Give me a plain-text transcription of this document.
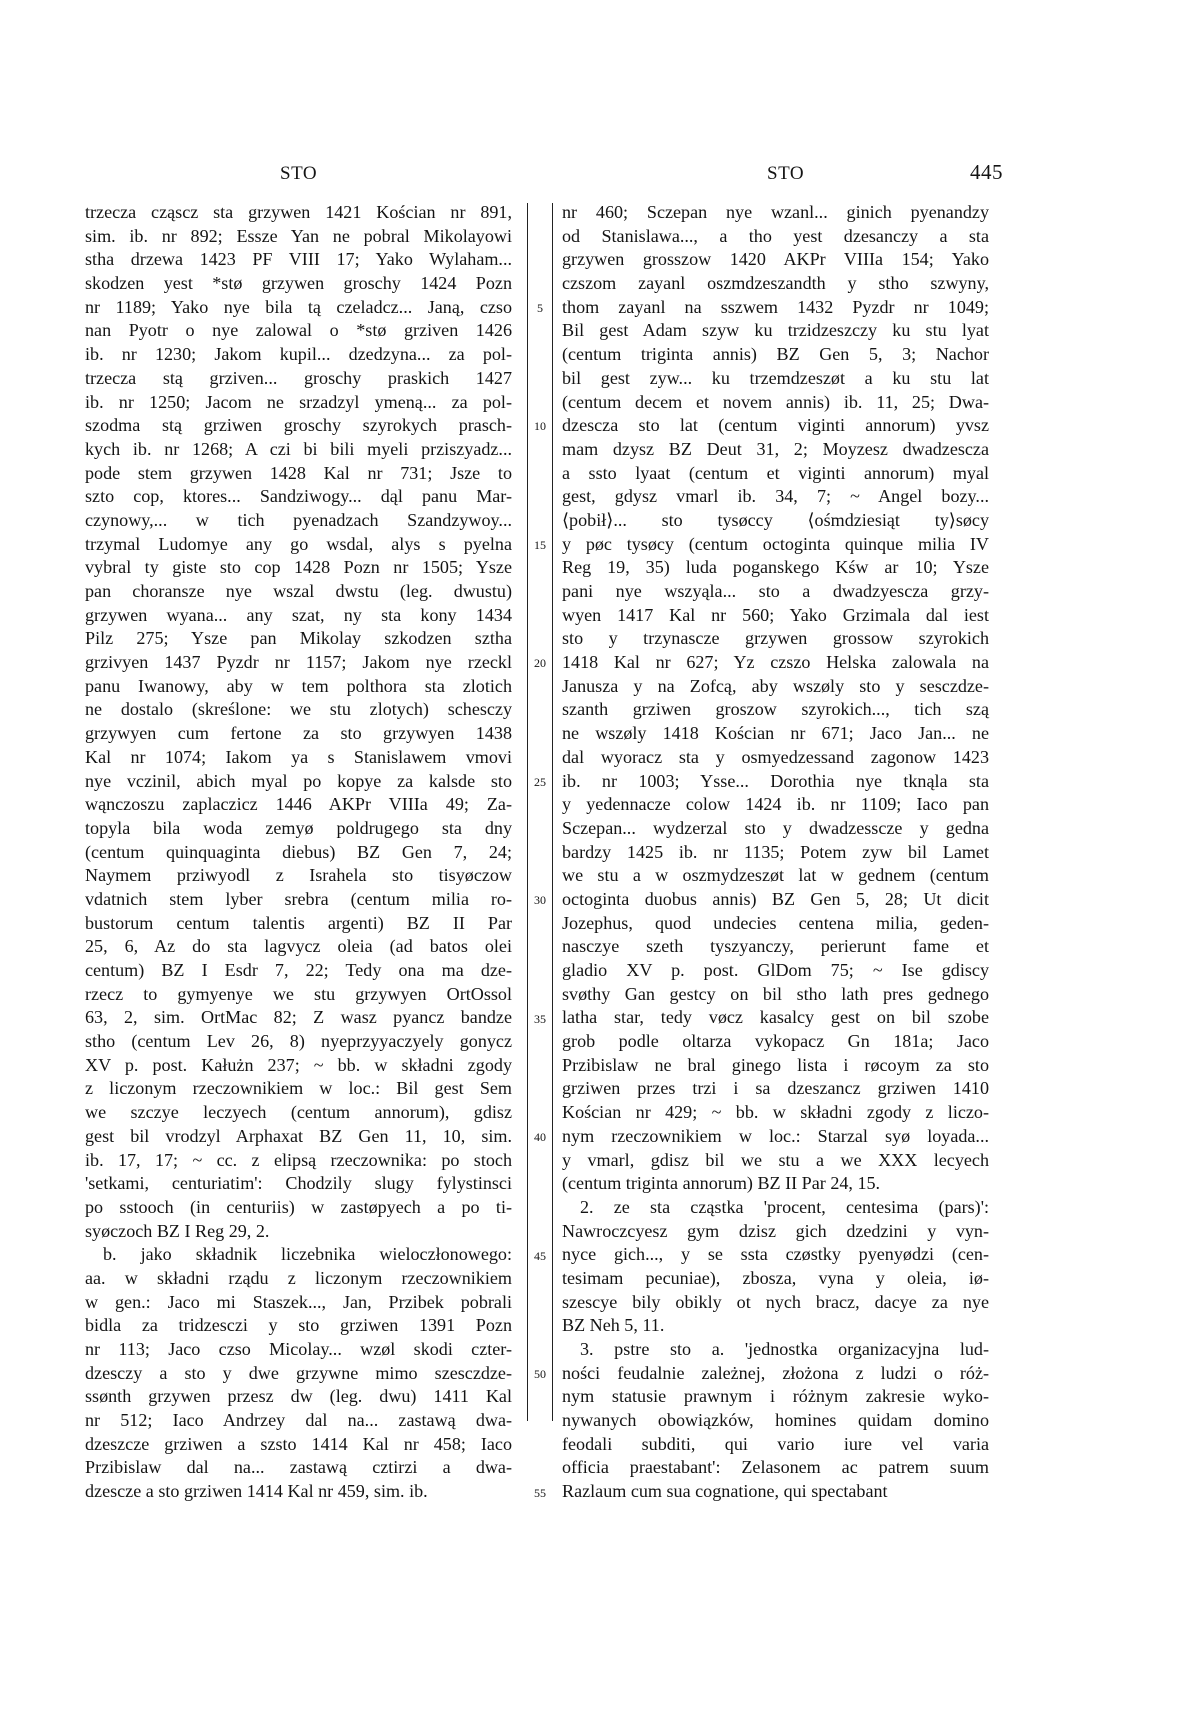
STO	STO	445
trzecza cząscz sta grzywen 1421 Kościan nr 891,
sim. ib. nr 892; Essze Yan ne pobral Mikolayowi
stha drzewa 1423 PF VIII 17; Yako Wylaham...
skodzen yest *stø grzywen groschy 1424 Pozn
nr 1189; Yako nye bila tą czeladcz... Janą, czso
nan Pyotr o nye zalowal o *stø grziven 1426
ib. nr 1230; Jakom kupil... dzedzyna... za pol-
trzecza stą grziven... groschy praskich 1427
ib. nr 1250; Jacom ne srzadzyl ymeną... za pol-
szodma stą grziwen groschy szyrokych prasch-
kych ib. nr 1268; A czi bi bili myeli prziszyadz...
pode stem grzywen 1428 Kal nr 731; Jsze to
szto cop, ktores... Sandziwogy... dąl panu Mar-
czynowy,... w tich pyenadzach Szandzywoy...
trzymal Ludomye any go wsdal, alys s pyelna
vybral ty giste sto cop 1428 Pozn nr 1505; Ysze
pan choransze nye wszal dwstu (leg. dwustu)
grzywen wyana... any szat, ny sta kony 1434
Pilz 275; Ysze pan Mikolay szkodzen sztha
grzivyen 1437 Pyzdr nr 1157; Jakom nye rzeckl
panu Iwanowy, aby w tem polthora sta zlotich
ne dostalo (skreślone: we stu zlotych) schesczy
grzywyen cum fertone za sto grzywyen 1438
Kal nr 1074; Iakom ya s Stanislawem vmovi
nye vczinil, abich myal po kopye za kalsde sto
wąnczoszu zaplaczicz 1446 AKPr VIIIa 49; Za-
topyla bila woda zemyø poldrugego sta dny
(centum quinquaginta diebus) BZ Gen 7, 24;
Naymem prziwyodl z Israhela sto tisyøczow
vdatnich stem lyber srebra (centum milia ro-
bustorum centum talentis argenti) BZ II Par
25, 6, Az do sta lagvycz oleia (ad batos olei
centum) BZ I Esdr 7, 22; Tedy ona ma dze-
rzecz to gymyenye we stu grzywyen OrtOssol
63, 2, sim. OrtMac 82; Z wasz pyancz bandze
stho (centum Lev 26, 8) nyeprzyyaczyely gonycz
XV p. post. Kałużn 237; ~ bb. w składni zgody
z liczonym rzeczownikiem w loc.: Bil gest Sem
we szczye leczyech (centum annorum), gdisz
gest bil vrodzyl Arphaxat BZ Gen 11, 10, sim.
ib. 17, 17; ~ cc. z elipsą rzeczownika: po stoch
'setkami, centuriatim': Chodzily slugy fylystinsci
po sstooch (in centuriis) w zastøpyech a po ti-
syøczoch BZ I Reg 29, 2.
b. jako składnik liczebnika wieloczłonowego:
aa. w składni rządu z liczonym rzeczownikiem
w gen.: Jaco mi Staszek..., Jan, Przibek pobrali
bidla za tridzesczi y sto grziwen 1391 Pozn
nr 113; Jaco czso Micolay... wzøl skodi czter-
dzesczy a sto y dwe grzywne mimo szesczdze-
ssønth grzywen przesz dw (leg. dwu) 1411 Kal
nr 512; Iaco Andrzey dal na... zastawą dwa-
dzeszcze grziwen a szsto 1414 Kal nr 458; Iaco
Przibislaw dal na... zastawą cztirzi a dwa-
dzescze a sto grziwen 1414 Kal nr 459, sim. ib.
5
10
15
20
25
30
35
40
45
50
55
nr 460; Sczepan nye wzanl... ginich pyenandzy
od Stanislawa..., a tho yest dzesanczy a sta
grzywen grosszow 1420 AKPr VIIIa 154; Yako
czszom zayanl oszmdzeszandth y stho szwyny,
thom zayanl na sszwem 1432 Pyzdr nr 1049;
Bil gest Adam szyw ku trzidzeszczy ku stu lyat
(centum triginta annis) BZ Gen 5, 3; Nachor
bil gest zyw... ku trzemdzeszøt a ku stu lat
(centum decem et novem annis) ib. 11, 25; Dwa-
dzescza sto lat (centum viginti annorum) yvsz
mam dzysz BZ Deut 31, 2; Moyzesz dwadzescza
a ssto lyaat (centum et viginti annorum) myal
gest, gdysz vmarl ib. 34, 7; ~ Angel bozy...
⟨pobił⟩... sto tysøccy ⟨ośmdziesiąt ty⟩søcy
y pøc tysøcy (centum octoginta quinque milia IV
Reg 19, 35) luda poganskego Kśw ar 10; Ysze
pani nye wszyąla... sto a dwadzyescza grzy-
wyen 1417 Kal nr 560; Yako Grzimala dal iest
sto y trzynascze grzywen grossow szyrokich
1418 Kal nr 627; Yz czszo Helska zalowala na
Janusza y na Zofcą, aby wszøly sto y sesczdze-
szanth grziwen groszow szyrokich..., tich szą
ne wszøly 1418 Kościan nr 671; Jaco Jan... ne
dal wyoracz sta y osmyedzessand zagonow 1423
ib. nr 1003; Ysse... Dorothia nye tknąla sta
y yedennacze colow 1424 ib. nr 1109; Iaco pan
Sczepan... wydzerzal sto y dwadzessczе y gedna
bardzy 1425 ib. nr 1135; Potem zyw bil Lamet
we stu a w oszmydzeszøt lat w gednem (centum
octoginta duobus annis) BZ Gen 5, 28; Ut dicit
Jozephus, quod undecies centena milia, geden-
nasczye szeth tyszyanczy, perierunt fame et
gladio XV p. post. GlDom 75; ~ Ise gdiscy
svøthy Gan gestcy on bil stho lath pres gednego
latha star, tedy vøcz kasalcy gest on bil szobe
grob podle oltarza vykopacz Gn 181a; Jaco
Przibislaw ne bral ginego lista i røcoym za sto
grziwen przes trzi i sa dzeszancz grziwen 1410
Kościan nr 429; ~ bb. w składni zgody z liczo-
nym rzeczownikiem w loc.: Starzal syø loyada...
y vmarl, gdisz bil we stu a we XXX lecyech
(centum triginta annorum) BZ II Par 24, 15.
2. ze sta cząstka 'procent, centesima (pars)':
Nawroczcyesz gym dzisz gich dzedzini y vyn-
nyce gich..., y se ssta czøstky pyenyødzi (cen-
tesimam pecuniae), zbosza, vyna y oleia, iø-
szescye bily obikly ot nych bracz, dacye za nye
BZ Neh 5, 11.
3. pstre sto a. 'jednostka organizacyjna lud-
ności feudalnie zależnej, złożona z ludzi o róż-
nym statusie prawnym i różnym zakresie wyko-
nywanych obowiązków, homines quidam domino
feodali subditi, qui vario iure vel varia
officia praestabant': Zelasonem ac patrem suum
Razlaum cum sua cognatione, qui spectabant
